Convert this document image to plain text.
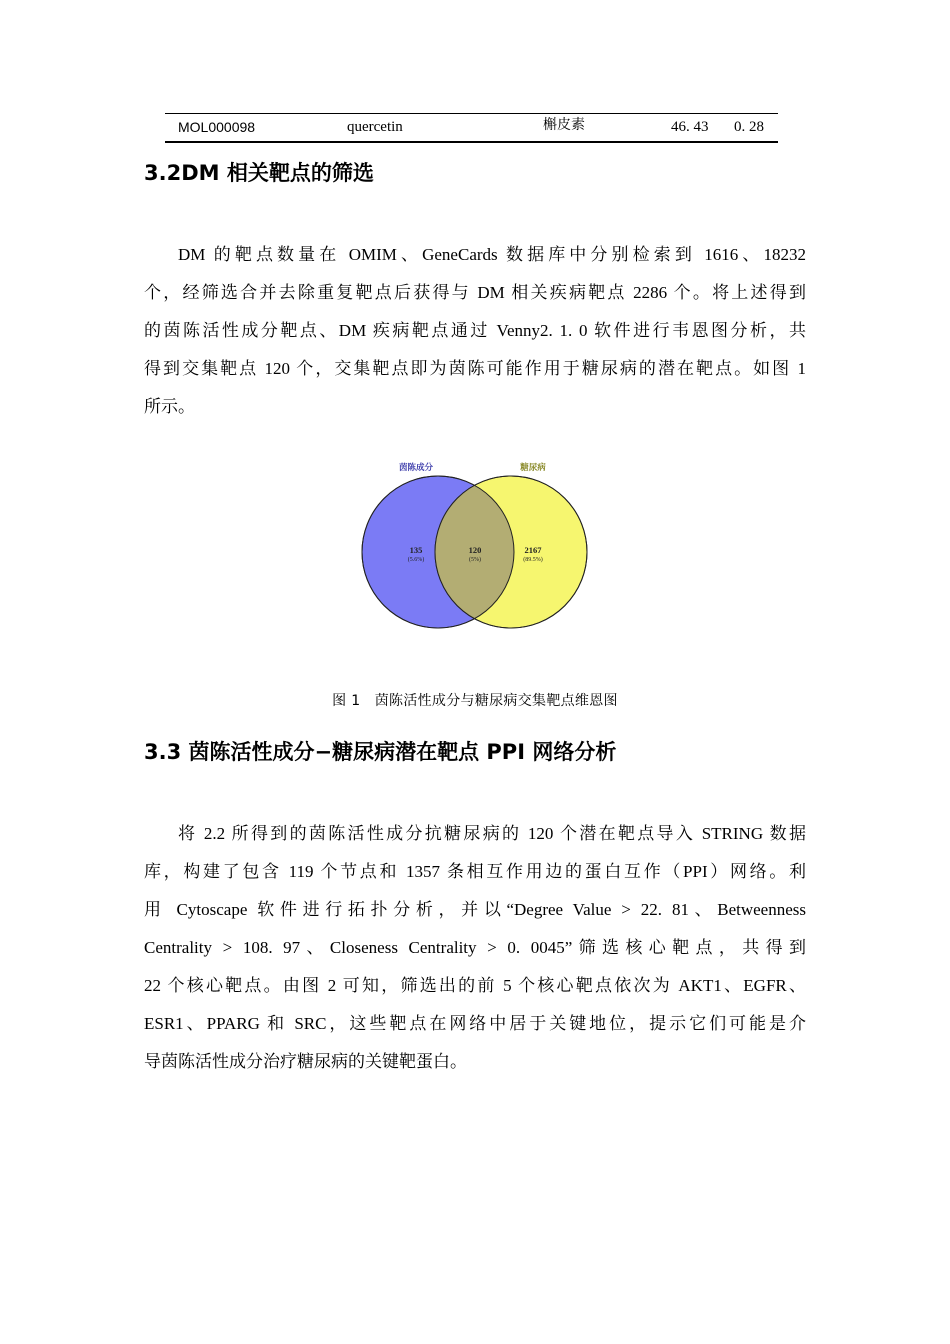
MOL000098	quercetin	槲皮素	46. 43 0. 28
3.2DM 相关靶点的筛选
DM 的靶点数量在 OMIM、GeneCards 数据库中分别检索到 1616、18232
个，经筛选合并去除重复靶点后获得与 DM 相关疾病靶点 2286 个。将上述得到
的茵陈活性成分靶点、DM 疾病靶点通过 Venny2. 1. 0 软件进行韦恩图分析，共
得到交集靶点 120 个，交集靶点即为茵陈可能作用于糖尿病的潜在靶点。如图 1
所示。
茵陈成分	糖尿病
135
(5.6%)
120
(5%)
2167
(89.5%)
图 1　茵陈活性成分与糖尿病交集靶点维恩图
3.3 茵陈活性成分−糖尿病潜在靶点 PPI 网络分析
将 2.2 所得到的茵陈活性成分抗糖尿病的 120 个潜在靶点导入 STRING 数据
库，构建了包含 119 个节点和 1357 条相互作用边的蛋白互作（PPI）网络。利
用 Cytoscape 软件进行拓扑分析，并以“Degree Value > 22. 81、Betweenness
Centrality > 108. 97、Closeness Centrality > 0. 0045”筛选核心靶点，共得到
22 个核心靶点。由图 2 可知，筛选出的前 5 个核心靶点依次为 AKT1、EGFR、
ESR1、PPARG 和 SRC，这些靶点在网络中居于关键地位，提示它们可能是介
导茵陈活性成分治疗糖尿病的关键靶蛋白。
